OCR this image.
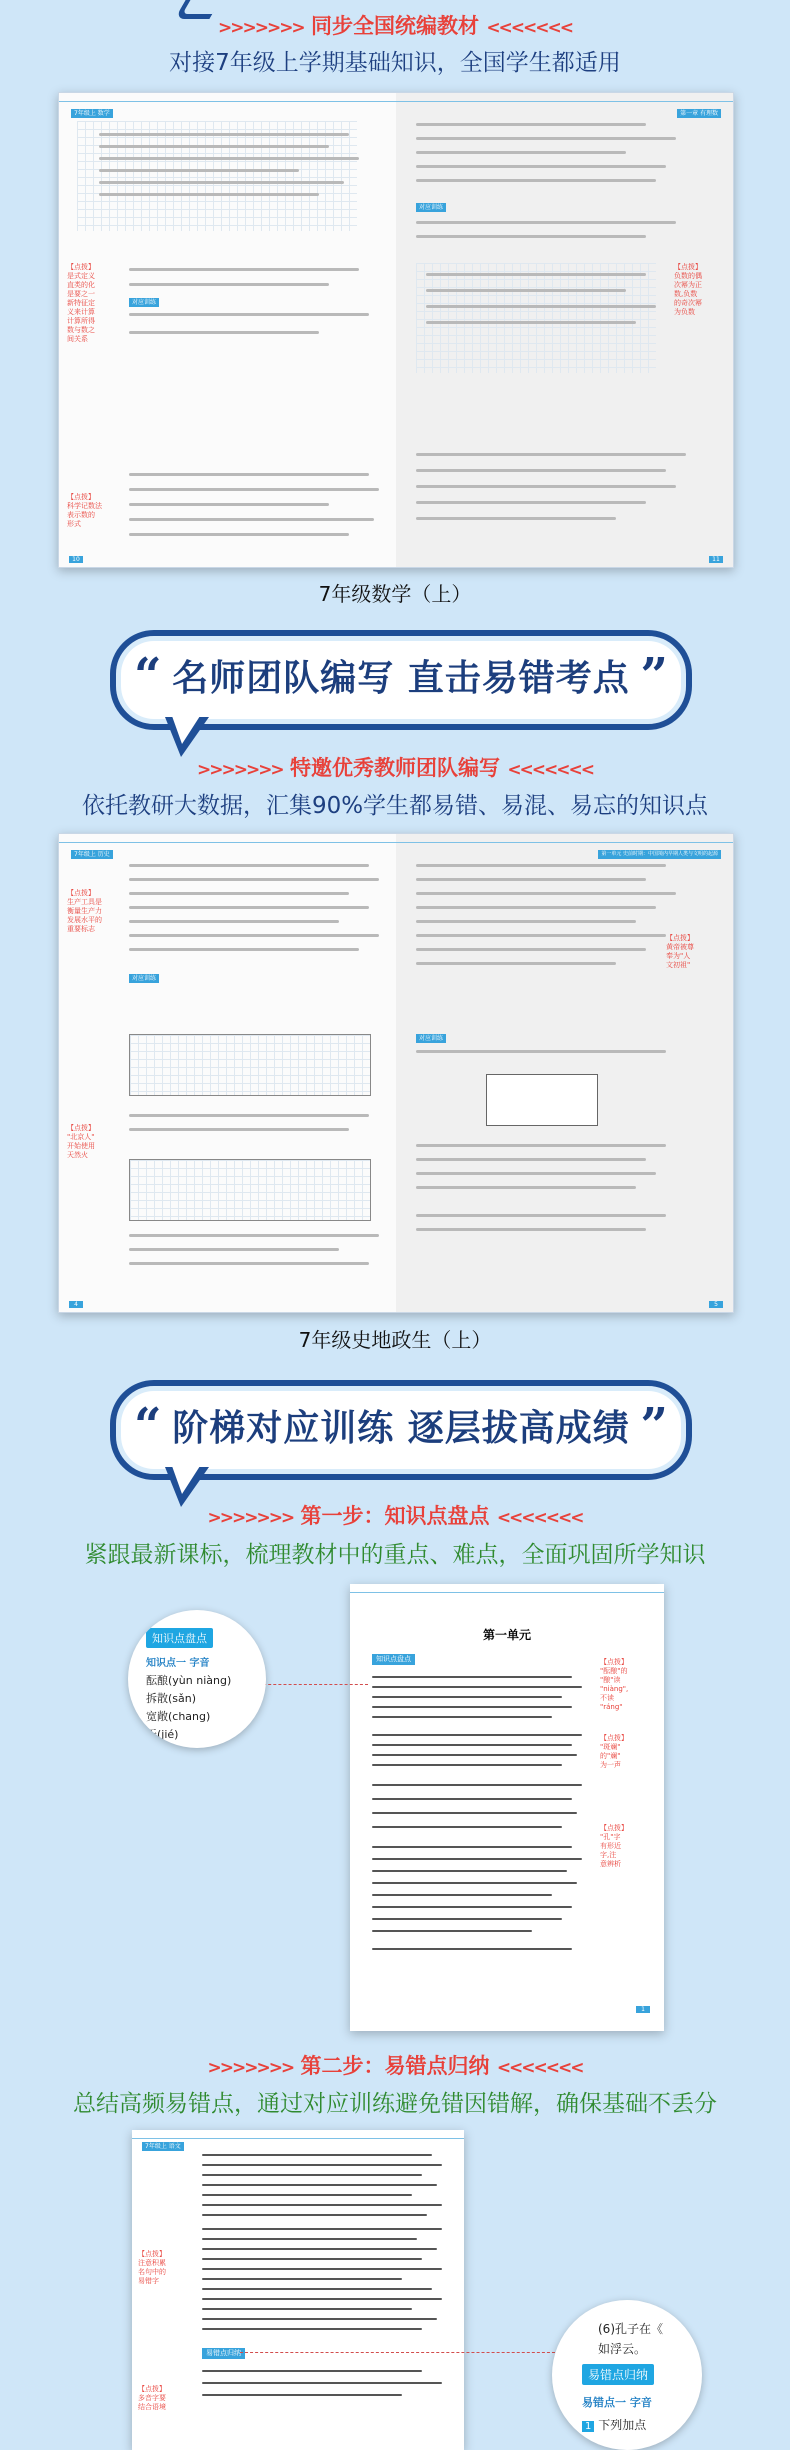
>>>>>>> 同步全国统编教材 <<<<<<<
对接7年级上学期基础知识，全国学生都适用
7年级上 数学
【点拨】
是式定义
直类的化
是要之一
新特征定
义来计算
计算所得
数与数之
间关系
对应训练
【点拨】
科学记数法
表示数的
形式
10
第一章 有理数
对应训练
【点拨】
负数的偶
次幂为正
数,负数
的奇次幂
为负数
11
7年级数学（上）
“ 名师团队编写 直击易错考点 ”
>>>>>>> 特邀优秀教师团队编写 <<<<<<<
依托教研大数据，汇集90%学生都易错、易混、易忘的知识点
7年级上 历史
【点拨】
生产工具是
衡量生产力
发展水平的
重要标志
对应训练
【点拨】
"北京人"
开始使用
天然火
4
第一单元 史前时期：中国境内早期人类与文明的起源
【点拨】
黄帝被尊
奉为"人
文初祖"
对应训练
5
7年级史地政生（上）
“ 阶梯对应训练 逐层拔高成绩 ”
>>>>>>> 第一步：知识点盘点 <<<<<<<
紧跟最新课标，梳理教材中的重点、难点，全面巩固所学知识
第一单元
知识点盘点	【点拨】
"酝酿"的
"酿"读
"niàng",
不读
"ráng"
【点拨】
"斑斓"
的"斓"
为一声
【点拨】
"孔"字
有形近
字,注
意辨析
1
知识点盘点
知识点一 字音
酝酿(yùn niàng)
拆散(sǎn)
宽敞(chang)
天(jié)
>>>>>>> 第二步：易错点归纳 <<<<<<<
总结高频易错点，通过对应训练避免错因错解，确保基础不丢分
7年级上 语文
【点拨】
注意积累
名句中的
易错字
易错点归纳
【点拨】
多音字要
结合语境
(6)孔子在《
如浮云。
易错点归纳
易错点一 字音
1 下列加点
